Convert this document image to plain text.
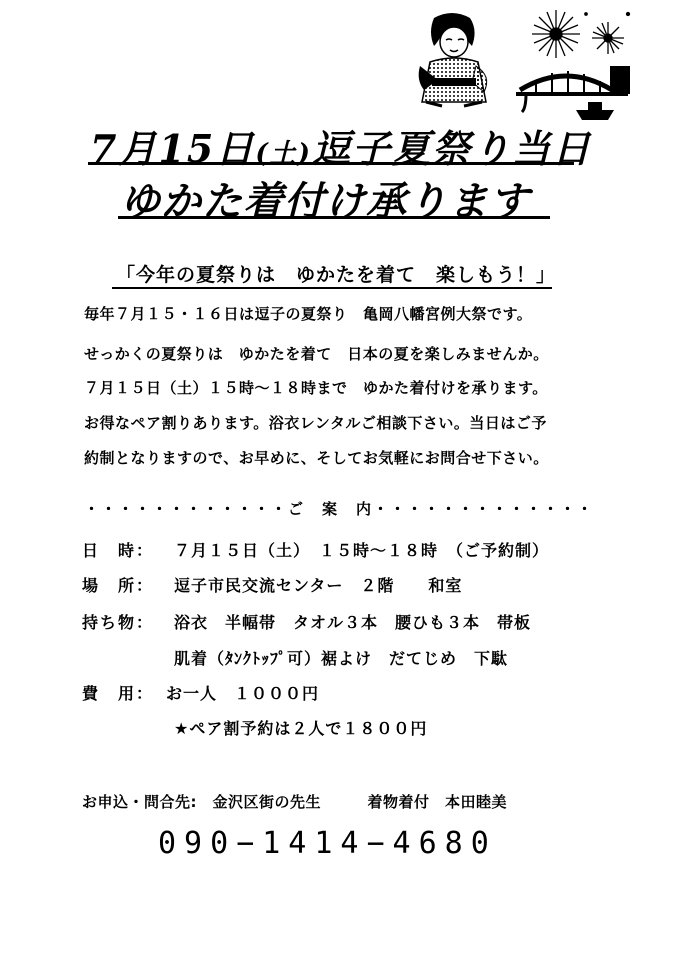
7月15日(土)逗子夏祭り当日
ゆかた着付け承ります
「今年の夏祭りは　ゆかたを着て　楽しもう！」
毎年７月１５・１６日は逗子の夏祭り　亀岡八幡宮例大祭です。
せっかくの夏祭りは　ゆかたを着て　日本の夏を楽しみませんか。
７月１５日（土）１５時～１８時まで　ゆかた着付けを承ります。
お得なペア割りあります。浴衣レンタルご相談下さい。当日はご予
約制となりますので、お早めに、そしてお気軽にお問合せ下さい。
・・・・・・・・・・・・ご　案　内・・・・・・・・・・・・・
日　時： ７月１５日（土）　１５時～１８時　（ご予約制）
場　所： 逗子市民交流センター　２階　　和室
持ち物： 浴衣　半幅帯　タオル３本　腰ひも３本　帯板
肌着（ﾀﾝｸﾄｯﾌﾟ可）裾よけ　だてじめ　下駄
費　用： お一人　１０００円
★ペア割予約は２人で１８００円
お申込・問合先:　金沢区街の先生　　　着物着付　本田睦美
090−1414−4680
